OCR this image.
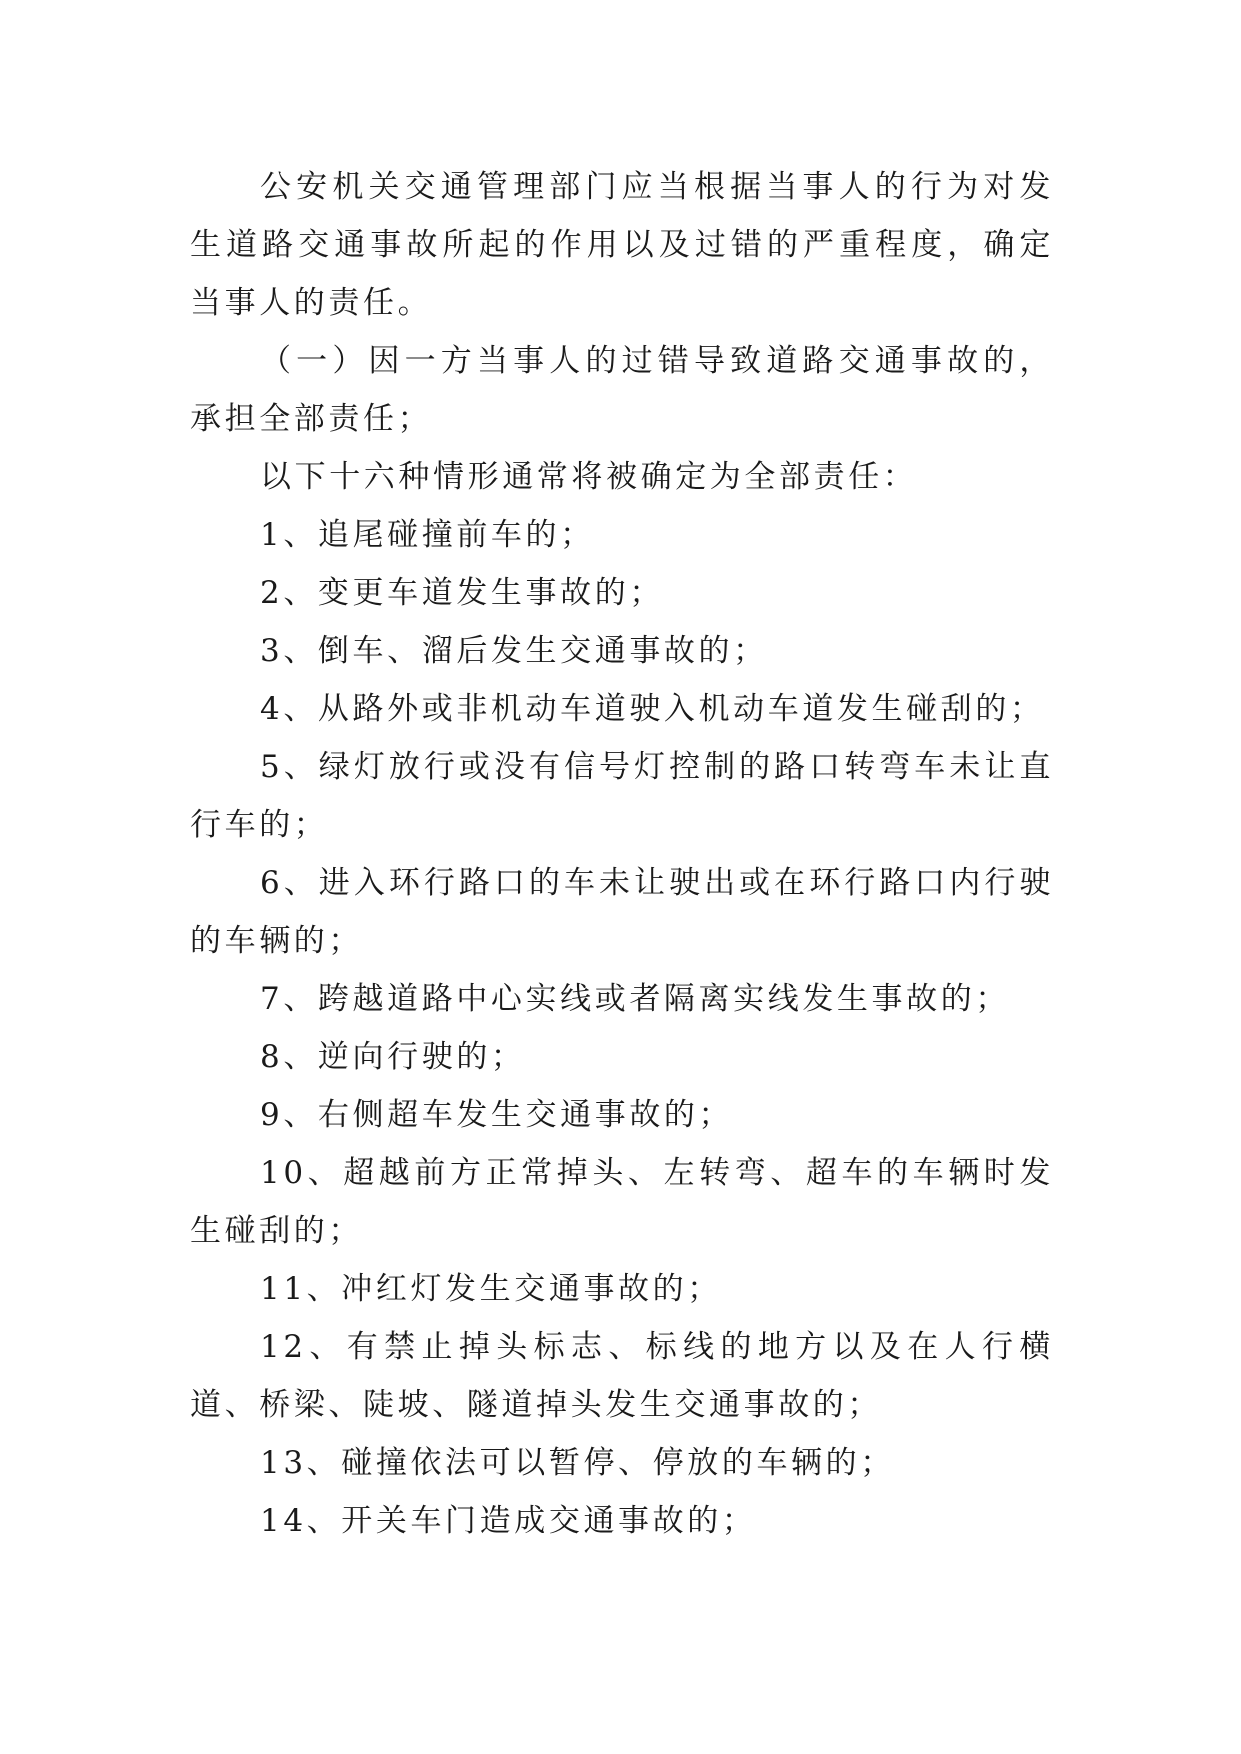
公安机关交通管理部门应当根据当事人的行为对发生道路交通事故所起的作用以及过错的严重程度，确定当事人的责任。

（一）因一方当事人的过错导致道路交通事故的，承担全部责任；

以下十六种情形通常将被确定为全部责任：

1、追尾碰撞前车的；

2、变更车道发生事故的；

3、倒车、溜后发生交通事故的；

4、从路外或非机动车道驶入机动车道发生碰刮的；

5、绿灯放行或没有信号灯控制的路口转弯车未让直行车的；

6、进入环行路口的车未让驶出或在环行路口内行驶的车辆的；

7、跨越道路中心实线或者隔离实线发生事故的；

8、逆向行驶的；

9、右侧超车发生交通事故的；

10、超越前方正常掉头、左转弯、超车的车辆时发生碰刮的；

11、冲红灯发生交通事故的；

12、有禁止掉头标志、标线的地方以及在人行横道、桥梁、陡坡、隧道掉头发生交通事故的；

13、碰撞依法可以暂停、停放的车辆的；

14、开关车门造成交通事故的；
